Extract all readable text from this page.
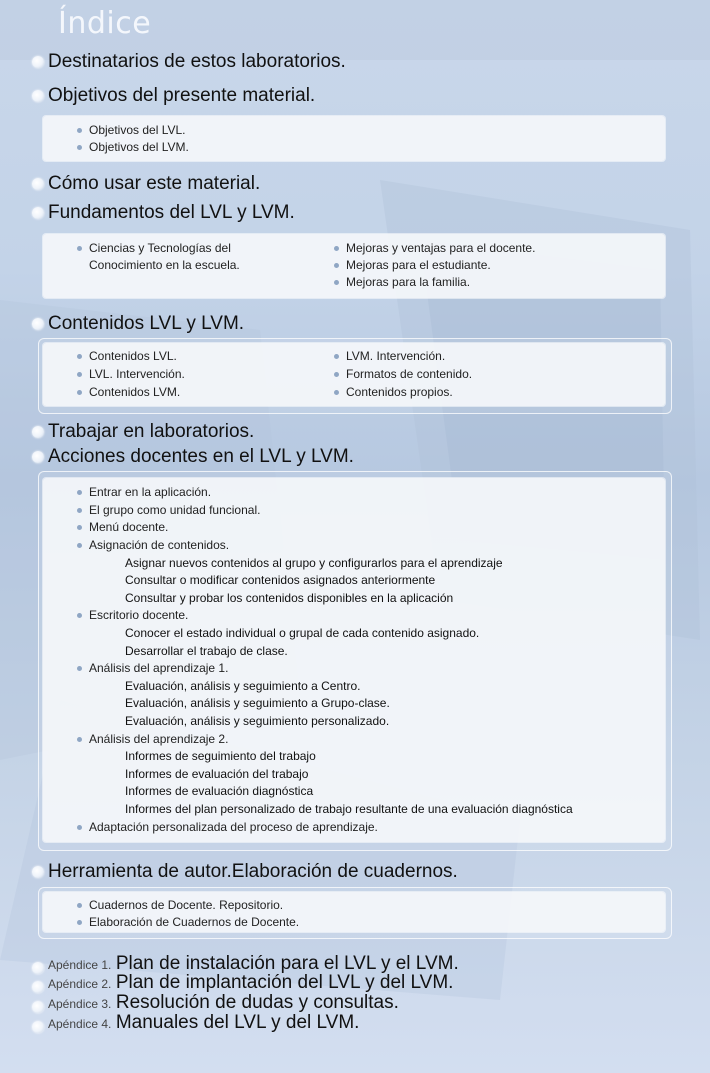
Índice
Destinatarios de estos laboratorios.
Objetivos del presente material.
Objetivos del LVL.
Objetivos del LVM.
Cómo usar este material.
Fundamentos del LVL y LVM.
Ciencias y Tecnologías del
Conocimiento en la escuela.
Mejoras y ventajas para el docente.
Mejoras para el estudiante.
Mejoras para la familia.
Contenidos LVL y LVM.
Contenidos LVL.
LVL. Intervención.
Contenidos LVM.
LVM. Intervención.
Formatos de contenido.
Contenidos propios.
Trabajar en laboratorios.
Acciones docentes en el LVL y LVM.
Entrar en la aplicación.
El grupo como unidad funcional.
Menú docente.
Asignación de contenidos.
Asignar nuevos contenidos al grupo y configurarlos para el aprendizaje
Consultar o modificar contenidos asignados anteriormente
Consultar y probar los contenidos disponibles en la aplicación
Escritorio docente.
Conocer el estado individual o grupal de cada contenido asignado.
Desarrollar el trabajo de clase.
Análisis del aprendizaje 1.
Evaluación, análisis y seguimiento a Centro.
Evaluación, análisis y seguimiento a Grupo-clase.
Evaluación, análisis y seguimiento personalizado.
Análisis del aprendizaje 2.
Informes de seguimiento del trabajo
Informes de evaluación del trabajo
Informes de evaluación diagnóstica
Informes del plan personalizado de trabajo resultante de una evaluación diagnóstica
Adaptación personalizada del proceso de aprendizaje.
Herramienta de autor.Elaboración de cuadernos.
Cuadernos de Docente. Repositorio.
Elaboración de Cuadernos de Docente.
Apéndice 1. Plan de instalación para el LVL y el LVM.
Apéndice 2. Plan de implantación del LVL y del LVM.
Apéndice 3. Resolución de dudas y consultas.
Apéndice 4. Manuales del LVL y del LVM.
